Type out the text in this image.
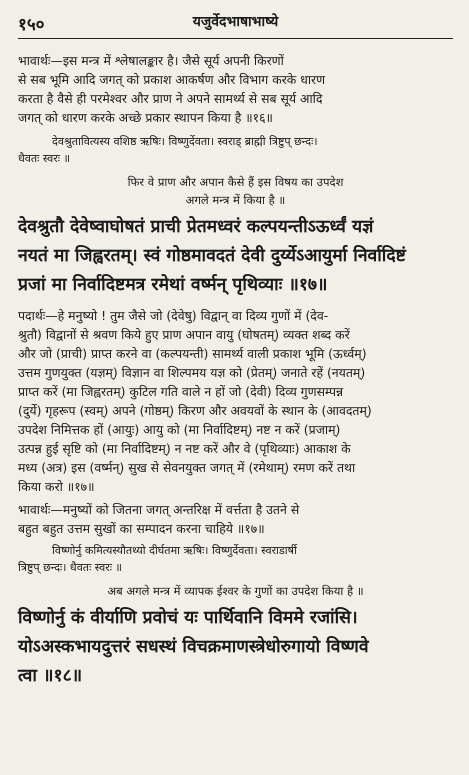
१५०	यजुर्वेदभाषाभाष्ये

भावार्थः—इस मन्त्र में श्लेषालङ्कार है। जैसे सूर्य अपनी किरणों

से सब भूमि आदि जगत् को प्रकाश आकर्षण और विभाग करके धारण

करता है वैसे ही परमेश्वर और प्राण ने अपने सामर्थ्य से सब सूर्य आदि

जगत् को धारण करके अच्छे प्रकार स्थापन किया है ॥१६॥

देवश्रुतावित्यस्य वशिष्ठ ऋषिः। विष्णुर्देवता। स्वराड् ब्राह्मी त्रिष्टुप् छन्दः।

धैवतः स्वरः ॥

फिर वे प्राण और अपान कैसे हैं इस विषय का उपदेश

अगले मन्त्र में किया है ॥

देवश्रुतौ देवेष्वाघोषतं प्राची प्रेतमध्वरं कल्पयन्तीऽऊर्ध्वं यज्ञं
नयतं मा जिह्वरतम्। स्वं गोष्ठमावदतं देवी दुर्य्येऽआयुर्मा निर्वादिष्टं
प्रजां मा निर्वादिष्टमत्र रमेथां वर्ष्मन् पृथिव्याः ॥१७॥

पदार्थः—हे मनुष्यो ! तुम जैसे जो (देवेषु) विद्वान् वा दिव्य गुणों में (देव-

श्रुतौ) विद्वानों से श्रवण किये हुए प्राण अपान वायु (घोषतम्) व्यक्त शब्द करें

और जो (प्राची) प्राप्त करने वा (कल्पयन्ती) सामर्थ्य वाली प्रकाश भूमि (ऊर्ध्वम्)

उत्तम गुणयुक्त (यज्ञम्) विज्ञान वा शिल्पमय यज्ञ को (प्रेतम्) जनाते रहें (नयतम्)

प्राप्त करें (मा जिह्वरतम्) कुटिल गति वाले न हों जो (देवी) दिव्य गुणसम्पन्न

(दुर्ये) गृहरूप (स्वम्) अपने (गोष्ठम्) किरण और अवयवों के स्थान के (आवदतम्)

उपदेश निमित्तक हों (आयुः) आयु को (मा निर्वादिष्टम्) नष्ट न करें (प्रजाम्)

उत्पन्न हुई सृष्टि को (मा निर्वादिष्टम्) न नष्ट करें और वे (पृथिव्याः) आकाश के

मध्य (अत्र) इस (वर्ष्मन्) सुख से सेवनयुक्त जगत् में (रमेथाम्) रमण करें तथा

किया करो ॥१७॥

भावार्थः—मनुष्यों को जितना जगत् अन्तरिक्ष में वर्त्तता है उतने से

बहुत बहुत उत्तम सुखों का सम्पादन करना चाहिये ॥१७॥

विष्णोर्नु कमित्यस्यौतथ्यो दीर्घतमा ऋषिः। विष्णुर्देवता। स्वराडार्षी

त्रिष्टुप् छन्दः। धैवतः स्वरः ॥

अब अगले मन्त्र में व्यापक ईश्वर के गुणों का उपदेश किया है ॥

विष्णोर्नु कं वीर्याणि प्रवोचं यः पार्थिवानि विममे रजांसि।
योऽअस्कभायदुत्तरं सधस्थं विचक्रमाणस्त्रेधोरुगायो विष्णवे
त्वा ॥१८॥
